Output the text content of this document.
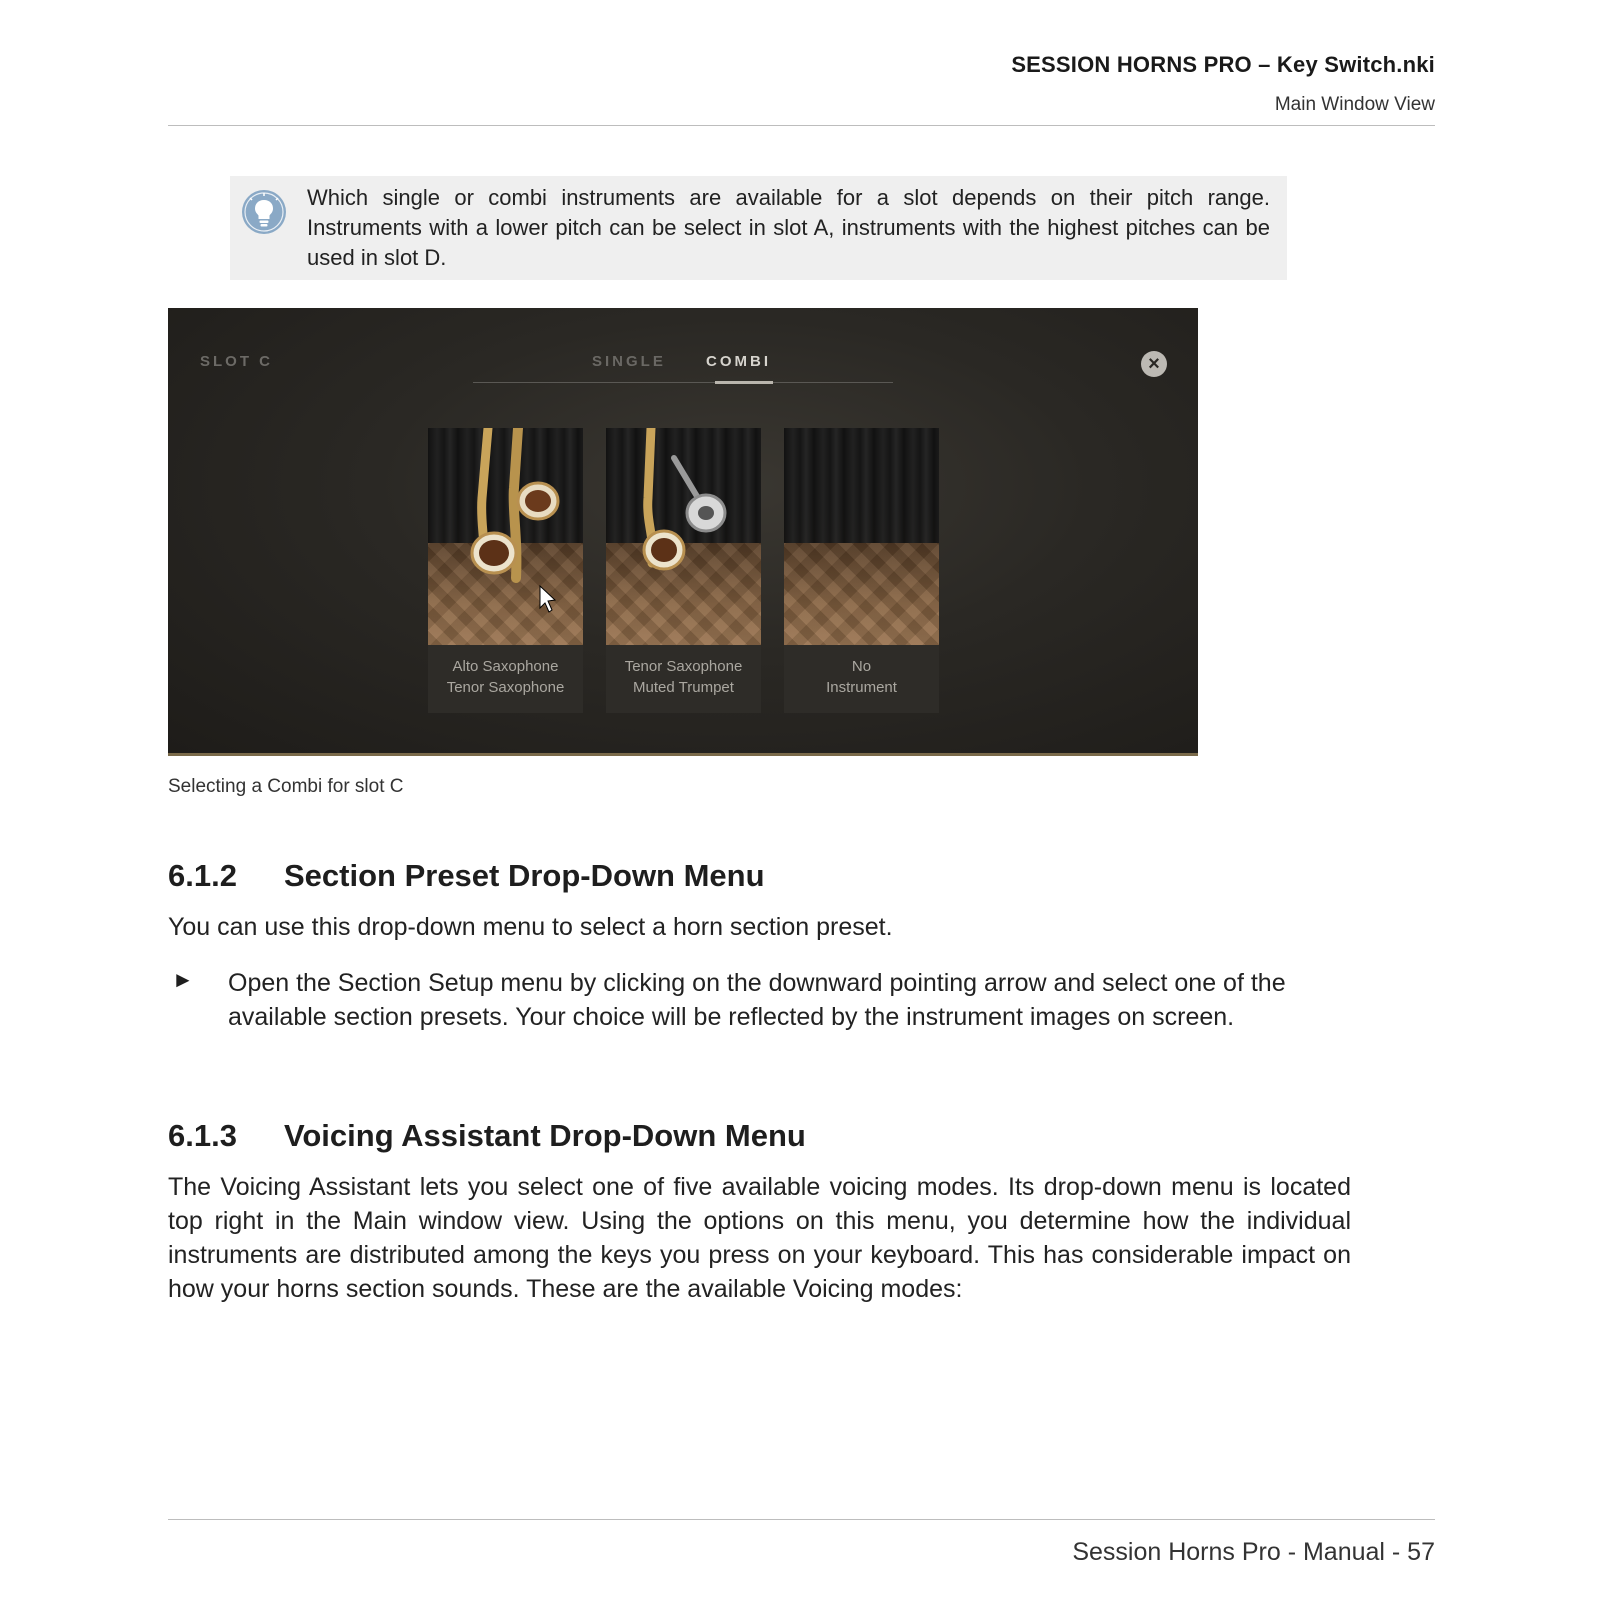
SESSION HORNS PRO – Key Switch.nki
Main Window View
Which single or combi instruments are available for a slot depends on their pitch range. Instruments with a lower pitch can be select in slot A, instruments with the highest pitches can be used in slot D.
SLOT C	SINGLE	COMBI	×
Alto Saxophone
Tenor Saxophone
Tenor Saxophone
Muted Trumpet
No
Instrument
Selecting a Combi for slot C
6.1.2 Section Preset Drop-Down Menu
You can use this drop-down menu to select a horn section preset.
► Open the Section Setup menu by clicking on the downward pointing arrow and select one of the available section presets. Your choice will be reflected by the instrument images on screen.
6.1.3 Voicing Assistant Drop-Down Menu
The Voicing Assistant lets you select one of five available voicing modes. Its drop-down menu is located top right in the Main window view. Using the options on this menu, you determine how the individual instruments are distributed among the keys you press on your keyboard. This has considerable impact on how your horns section sounds. These are the available Voicing modes:
Session Horns Pro - Manual - 57
